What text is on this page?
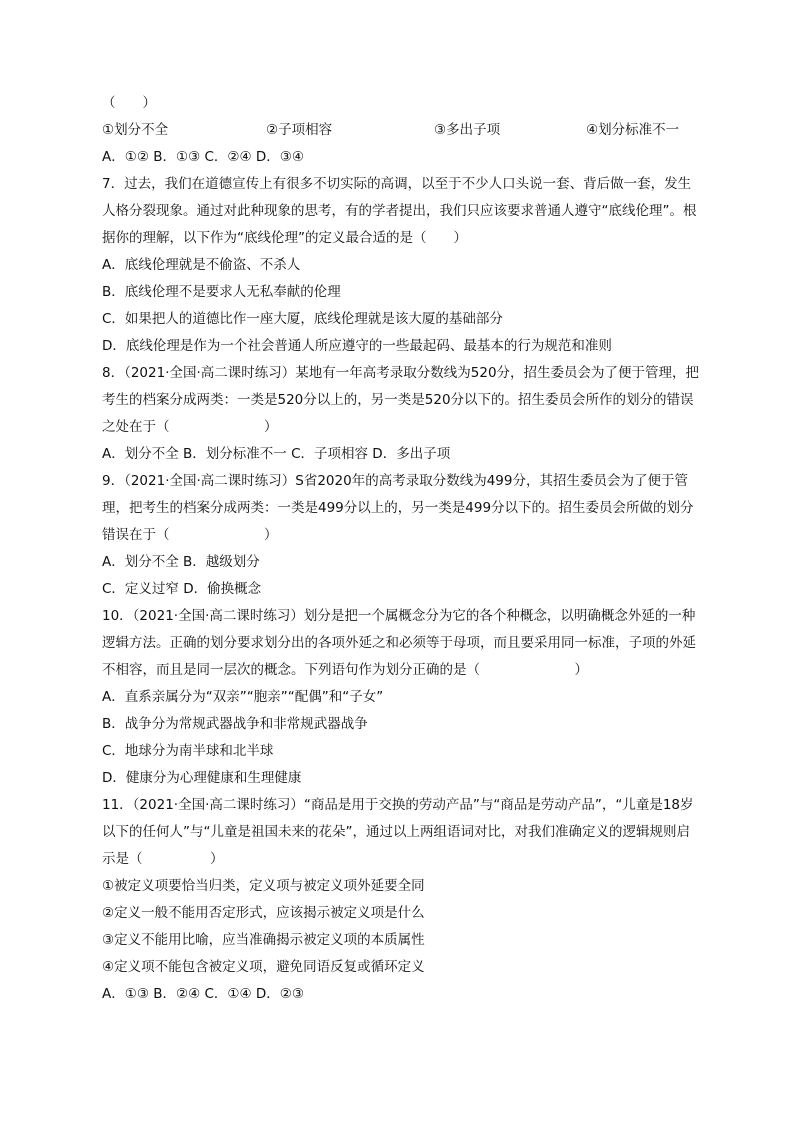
（　　）
①划分不全	②子项相容	③多出子项	④划分标准不一
A．①② B．①③ C．②④ D．③④
7．过去，我们在道德宣传上有很多不切实际的高调，以至于不少人口头说一套、背后做一套，发生人格分裂现象。通过对此种现象的思考，有的学者提出，我们只应该要求普通人遵守“底线伦理”。根据你的理解，以下作为“底线伦理”的定义最合适的是（　　）
A．底线伦理就是不偷盗、不杀人
B．底线伦理不是要求人无私奉献的伦理
C．如果把人的道德比作一座大厦，底线伦理就是该大厦的基础部分
D．底线伦理是作为一个社会普通人所应遵守的一些最起码、最基本的行为规范和准则
8．（2021·全国·高二课时练习）某地有一年高考录取分数线为520分，招生委员会为了便于管理，把考生的档案分成两类：一类是520分以上的，另一类是520分以下的。招生委员会所作的划分的错误之处在于（　　　　　　　）
A．划分不全 B．划分标准不一 C．子项相容 D．多出子项
9．（2021·全国·高二课时练习）S省2020年的高考录取分数线为499分，其招生委员会为了便于管理，把考生的档案分成两类：一类是499分以上的，另一类是499分以下的。招生委员会所做的划分错误在于（　　　　　　　）
A．划分不全 B．越级划分
C．定义过窄 D．偷换概念
10．（2021·全国·高二课时练习）划分是把一个属概念分为它的各个种概念，以明确概念外延的一种逻辑方法。正确的划分要求划分出的各项外延之和必须等于母项，而且要采用同一标准，子项的外延不相容，而且是同一层次的概念。下列语句作为划分正确的是（　　　　　　　）
A．直系亲属分为“双亲”“胞亲”“配偶”和“子女”
B．战争分为常规武器战争和非常规武器战争
C．地球分为南半球和北半球
D．健康分为心理健康和生理健康
11．（2021·全国·高二课时练习）“商品是用于交换的劳动产品”与“商品是劳动产品”，“儿童是18岁以下的任何人”与“儿童是祖国未来的花朵”，通过以上两组语词对比，对我们准确定义的逻辑规则启示是（　　　　　）
①被定义项要恰当归类，定义项与被定义项外延要全同
②定义一般不能用否定形式，应该揭示被定义项是什么
③定义不能用比喻，应当准确揭示被定义项的本质属性
④定义项不能包含被定义项，避免同语反复或循环定义
A．①③ B．②④ C．①④ D．②③
